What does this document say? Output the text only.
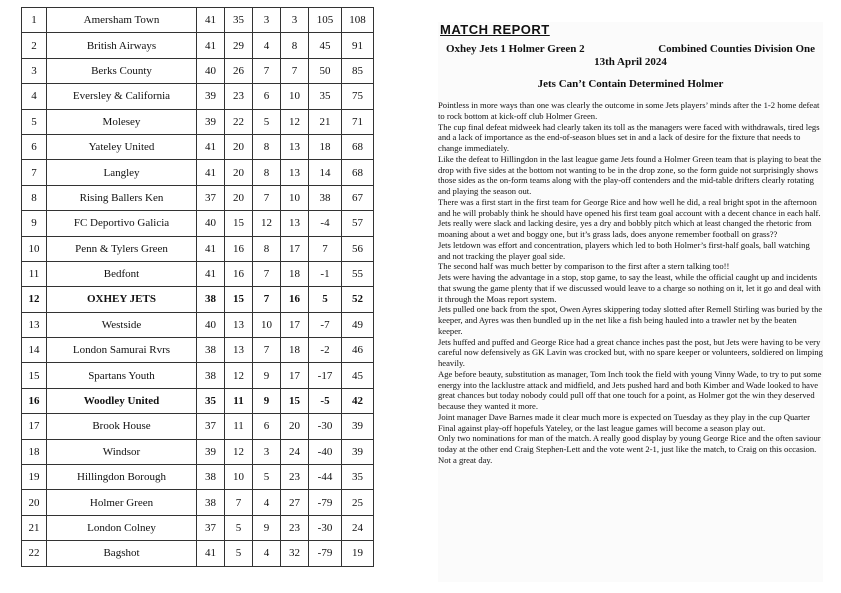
1	Amersham Town	41	35	3	3	105	108
2	British Airways	41	29	4	8	45	91
3	Berks County	40	26	7	7	50	85
4	Eversley & California	39	23	6	10	35	75
5	Molesey	39	22	5	12	21	71
6	Yateley United	41	20	8	13	18	68
7	Langley	41	20	8	13	14	68
8	Rising Ballers Ken	37	20	7	10	38	67
9	FC Deportivo Galicia	40	15	12	13	-4	57
10	Penn & Tylers Green	41	16	8	17	7	56
11	Bedfont	41	16	7	18	-1	55
12	OXHEY JETS	38	15	7	16	5	52
13	Westside	40	13	10	17	-7	49
14	London Samurai Rvrs	38	13	7	18	-2	46
15	Spartans Youth	38	12	9	17	-17	45
16	Woodley United	35	11	9	15	-5	42
17	Brook House	37	11	6	20	-30	39
18	Windsor	39	12	3	24	-40	39
19	Hillingdon Borough	38	10	5	23	-44	35
20	Holmer Green	38	7	4	27	-79	25
21	London Colney	37	5	9	23	-30	24
22	Bagshot	41	5	4	32	-79	19
MATCH REPORT
Oxhey Jets 1 Holmer Green 2	Combined Counties Division One
13th April 2024
Jets Can’t Contain Determined Holmer

Pointless in more ways than one was clearly the outcome in some Jets players’ minds after the 1-2 home defeat to rock bottom at kick-off club Holmer Green.

The cup final defeat midweek had clearly taken its toll as the managers were faced with withdrawals, tired legs and a lack of importance as the end-of-season blues set in and a lack of desire for the fixture that needs to change immediately.

Like the defeat to Hillingdon in the last league game Jets found a Holmer Green team that is playing to beat the drop with five sides at the bottom not wanting to be in the drop zone, so the form guide not surprisingly shows those sides as the on-form teams along with the play-off contenders and the mid-table drifters clearly rotating and playing the season out.

There was a first start in the first team for George Rice and how well he did, a real bright spot in the afternoon and he will probably think he should have opened his first team goal account with a decent chance in each half.

Jets really were slack and lacking desire, yes a dry and bobbly pitch which at least changed the rhetoric from moaning about a wet and boggy one, but it’s grass lads, does anyone remember football on grass??

Jets letdown was effort and concentration, players which led to both Holmer’s first-half goals, ball watching and not tracking the player goal side.

The second half was much better by comparison to the first after a stern talking too!!

Jets were having the advantage in a stop, stop game, to say the least, while the official caught up and incidents that swung the game plenty that if we discussed would leave to a charge so nothing on it, let it go and deal with it through the Moas report system.

Jets pulled one back from the spot, Owen Ayres skippering today slotted after Remell Stirling was buried by the keeper, and Ayres was then bundled up in the net like a fish being hauled into a trawler net by the beaten keeper.

Jets huffed and puffed and George Rice had a great chance inches past the post, but Jets were having to be very careful now defensively as GK Lavin was crocked but, with no spare keeper or volunteers, soldiered on limping heavily.

Age before beauty, substitution as manager, Tom Inch took the field with young Vinny Wade, to try to put some energy into the lacklustre attack and midfield, and Jets pushed hard and both Kimber and Wade looked to have great chances but today nobody could pull off that one touch for a point, as Holmer got the win they deserved because they wanted it more.

Joint manager Dave Barnes made it clear much more is expected on Tuesday as they play in the cup Quarter Final against play-off hopefuls Yateley, or the last league games will become a season play out.

Only two nominations for man of the match. A really good display by young George Rice and the often saviour today at the other end Craig Stephen-Lett and the vote went 2-1, just like the match, to Craig on this occasion.

Not a great day.
